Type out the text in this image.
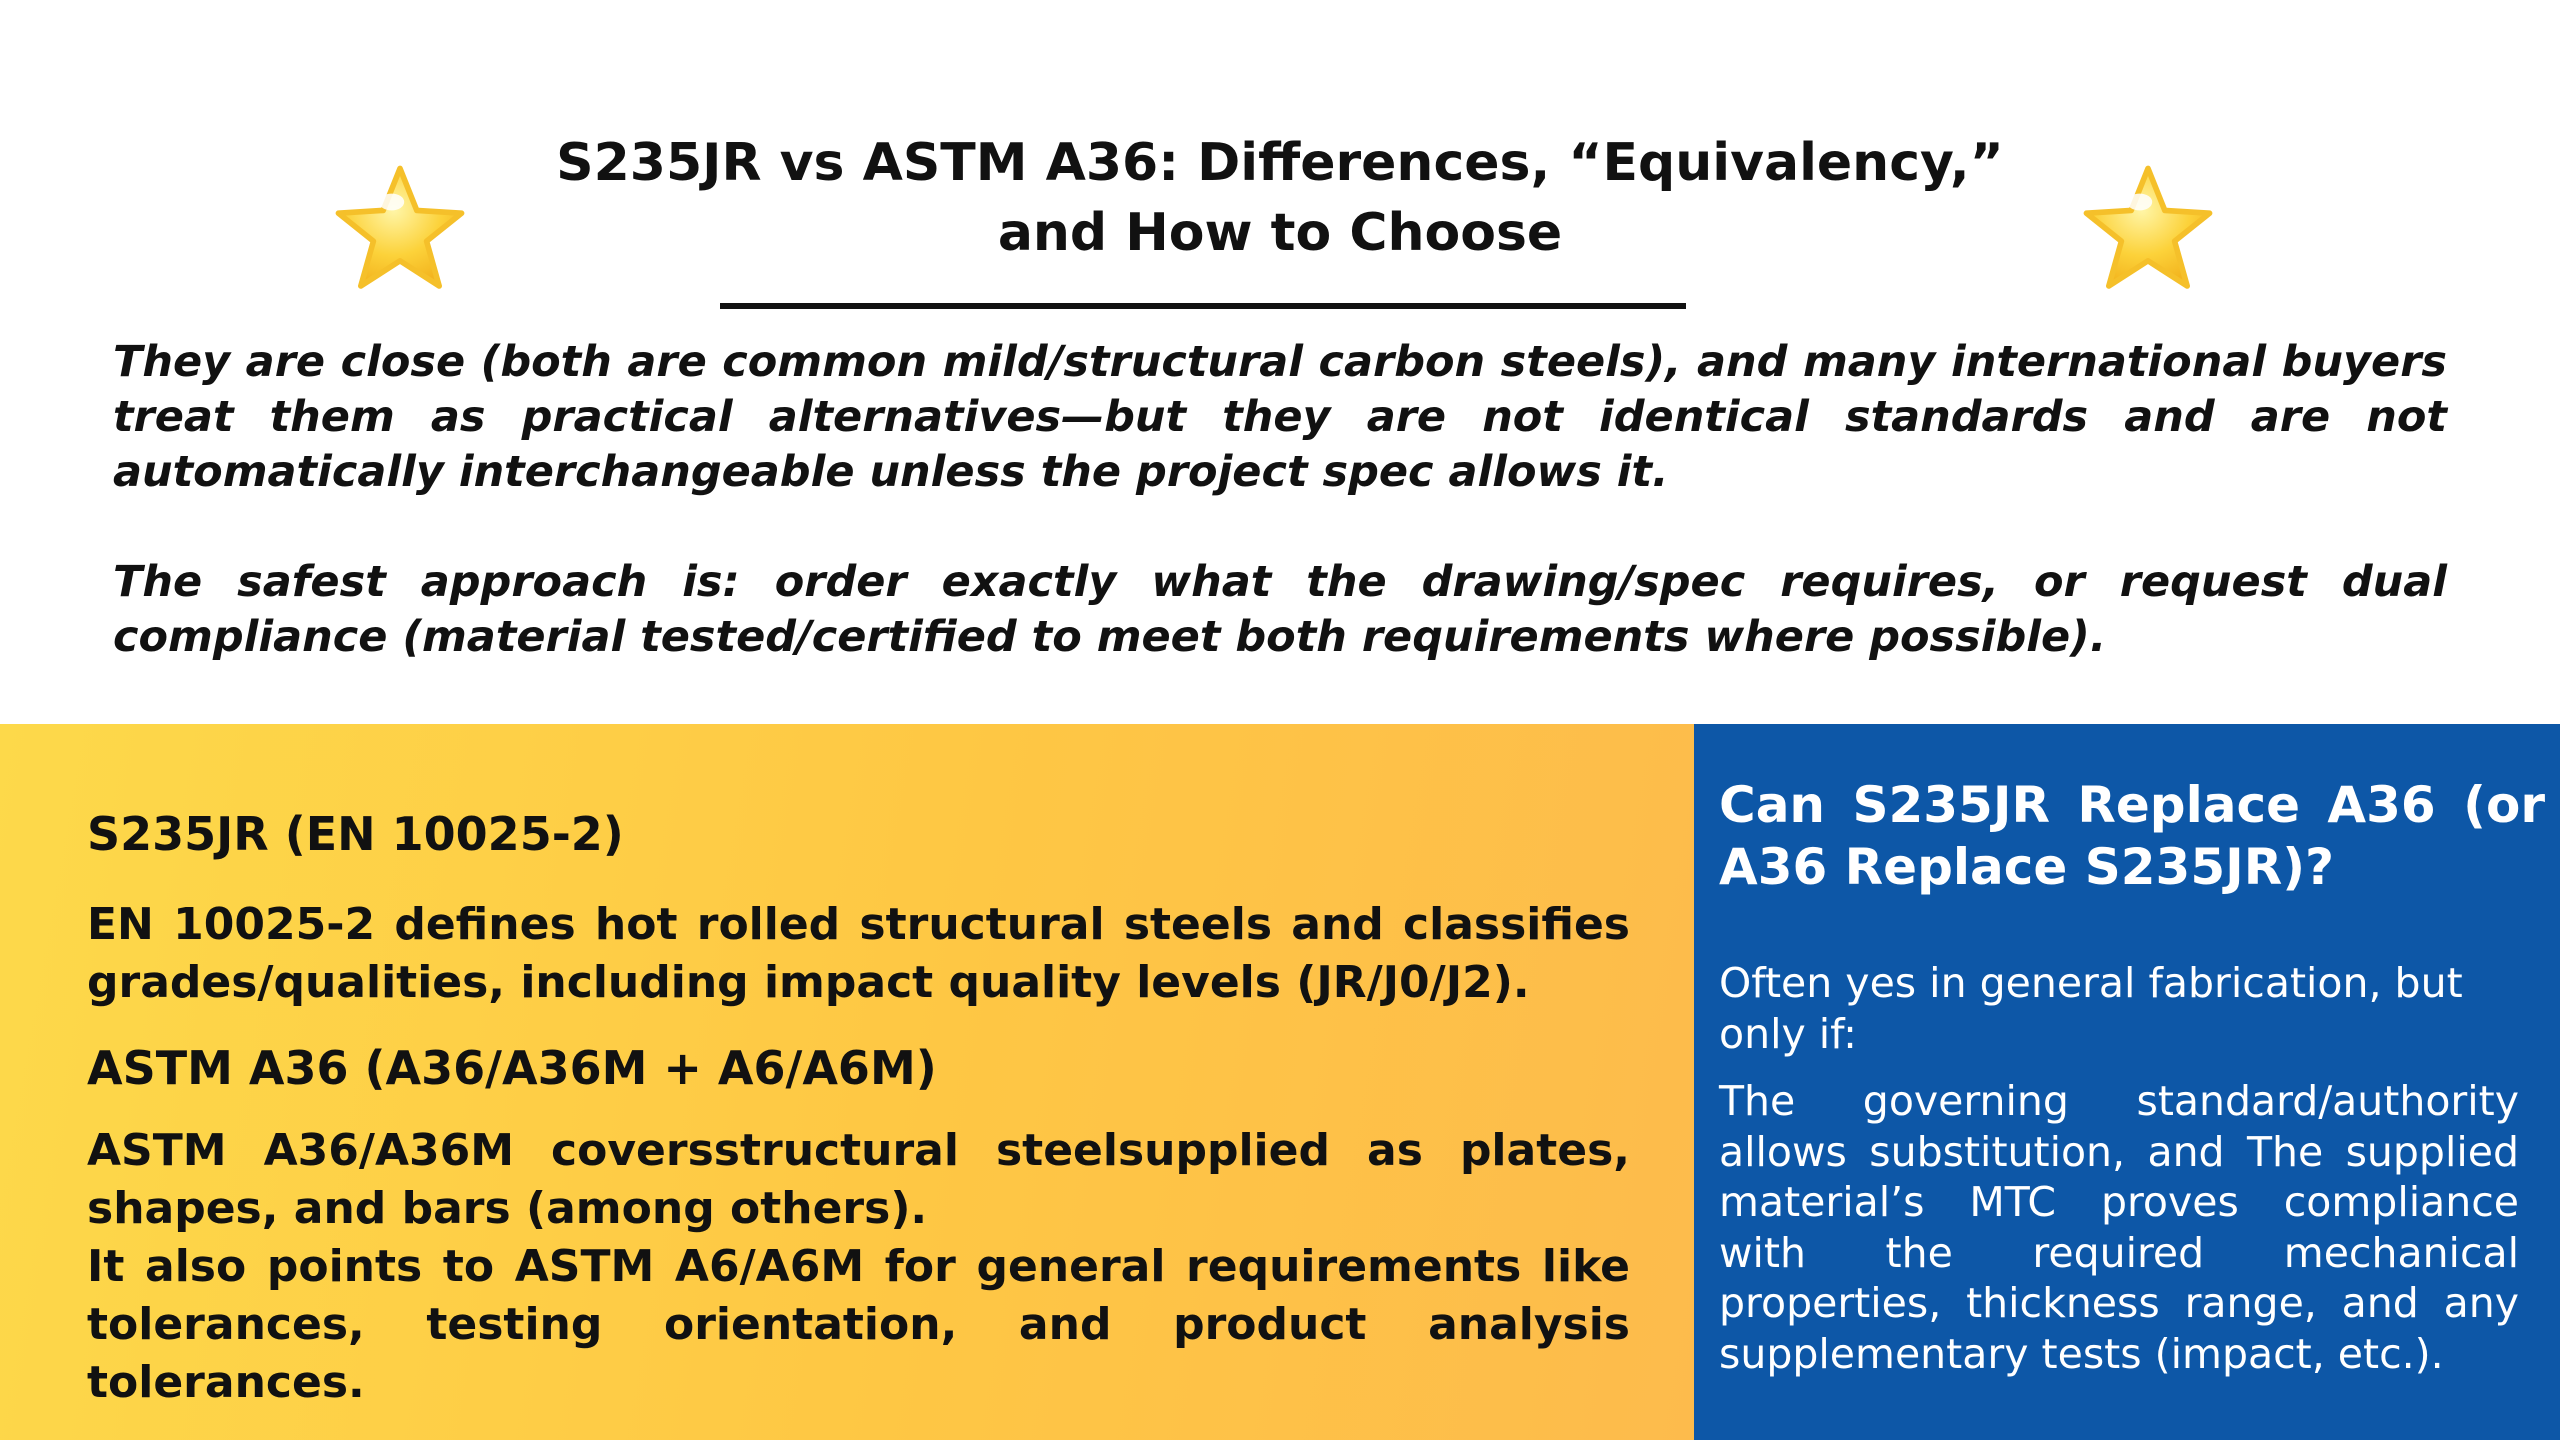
S235JR vs ASTM A36: Differences, “Equivalency,”
and How to Choose

They are close (both are common mild/structural carbon steels), and many international buyers treat them as practical alternatives—but they are not identical standards and are not automatically interchangeable unless the project spec allows it.

The safest approach is: order exactly what the drawing/spec requires, or request dual compliance (material tested/certified to meet both requirements where possible).

S235JR (EN 10025-2)

EN 10025-2 defines hot rolled structural steels and classifies grades/qualities, including impact quality levels (JR/J0/J2).

ASTM A36 (A36/A36M + A6/A6M)
ASTM A36/A36M coversstructural steelsupplied as plates, shapes, and bars (among others).
It also points to ASTM A6/A6M for general requirements like tolerances, testing orientation, and product analysis tolerances.
Can S235JR Replace A36 (or A36 Replace S235JR)?

Often yes in general fabrication, but only if:

The governing standard/authority allows substitution, and The supplied material’s MTC proves compliance with the required mechanical properties, thickness range, and any supplementary tests (impact, etc.).
